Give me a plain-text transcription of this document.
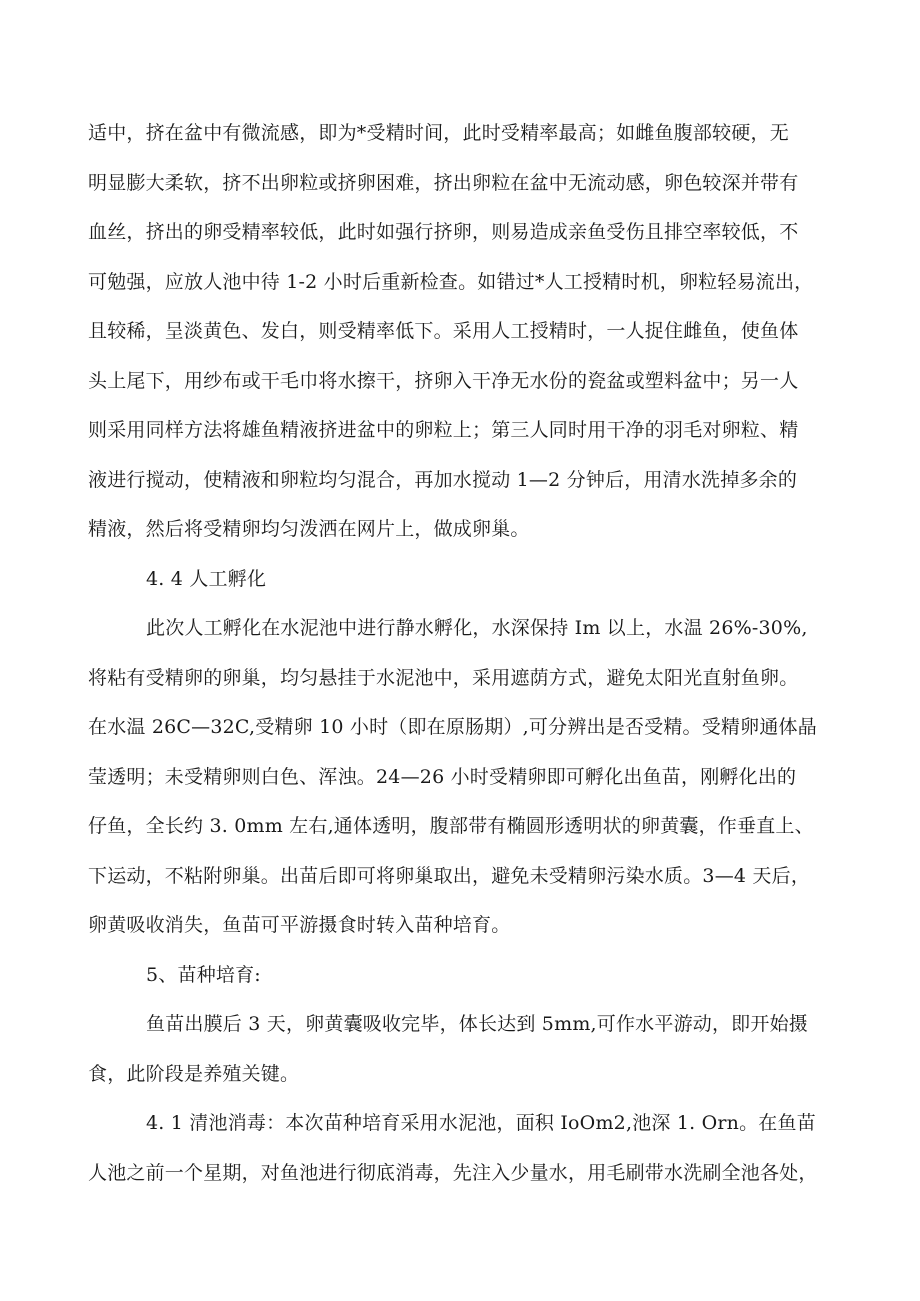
适中，挤在盆中有微流感，即为*受精时间，此时受精率最高；如雌鱼腹部较硬，无
明显膨大柔软，挤不出卵粒或挤卵困难，挤出卵粒在盆中无流动感，卵色较深并带有
血丝，挤出的卵受精率较低，此时如强行挤卵，则易造成亲鱼受伤且排空率较低，不
可勉强，应放人池中待 1-2 小时后重新检查。如错过*人工授精时机，卵粒轻易流出，
且较稀，呈淡黄色、发白，则受精率低下。采用人工授精时，一人捉住雌鱼，使鱼体
头上尾下，用纱布或干毛巾将水擦干，挤卵入干净无水份的瓷盆或塑料盆中；另一人
则采用同样方法将雄鱼精液挤进盆中的卵粒上；第三人同时用干净的羽毛对卵粒、精
液进行搅动，使精液和卵粒均匀混合，再加水搅动 1—2 分钟后，用清水洗掉多余的
精液，然后将受精卵均匀泼洒在网片上，做成卵巢。
4. 4 人工孵化
此次人工孵化在水泥池中进行静水孵化，水深保持 Im 以上，水温 26%-30%,
将粘有受精卵的卵巢，均匀悬挂于水泥池中，采用遮荫方式，避免太阳光直射鱼卵。
在水温 26C—32C,受精卵 10 小时（即在原肠期）,可分辨出是否受精。受精卵通体晶
莹透明；未受精卵则白色、浑浊。24—26 小时受精卵即可孵化出鱼苗，刚孵化出的
仔鱼，全长约 3. 0mm 左右,通体透明，腹部带有椭圆形透明状的卵黄囊，作垂直上、
下运动，不粘附卵巢。出苗后即可将卵巢取出，避免未受精卵污染水质。3—4 天后，
卵黄吸收消失，鱼苗可平游摄食时转入苗种培育。
5、苗种培育:
鱼苗出膜后 3 天，卵黄囊吸收完毕，体长达到 5mm,可作水平游动，即开始摄
食，此阶段是养殖关键。
4. 1 清池消毒：本次苗种培育采用水泥池，面积 IoOm2,池深 1. Orn。在鱼苗
人池之前一个星期，对鱼池进行彻底消毒，先注入少量水，用毛刷带水洗刷全池各处，
